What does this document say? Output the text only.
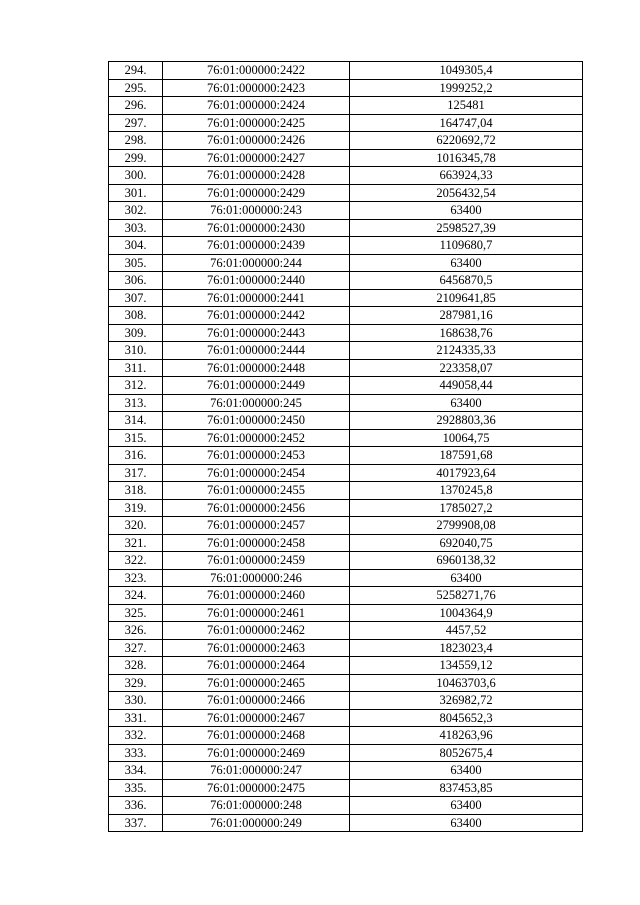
294.	76:01:000000:2422	1049305,4
295.	76:01:000000:2423	1999252,2
296.	76:01:000000:2424	125481
297.	76:01:000000:2425	164747,04
298.	76:01:000000:2426	6220692,72
299.	76:01:000000:2427	1016345,78
300.	76:01:000000:2428	663924,33
301.	76:01:000000:2429	2056432,54
302.	76:01:000000:243	63400
303.	76:01:000000:2430	2598527,39
304.	76:01:000000:2439	1109680,7
305.	76:01:000000:244	63400
306.	76:01:000000:2440	6456870,5
307.	76:01:000000:2441	2109641,85
308.	76:01:000000:2442	287981,16
309.	76:01:000000:2443	168638,76
310.	76:01:000000:2444	2124335,33
311.	76:01:000000:2448	223358,07
312.	76:01:000000:2449	449058,44
313.	76:01:000000:245	63400
314.	76:01:000000:2450	2928803,36
315.	76:01:000000:2452	10064,75
316.	76:01:000000:2453	187591,68
317.	76:01:000000:2454	4017923,64
318.	76:01:000000:2455	1370245,8
319.	76:01:000000:2456	1785027,2
320.	76:01:000000:2457	2799908,08
321.	76:01:000000:2458	692040,75
322.	76:01:000000:2459	6960138,32
323.	76:01:000000:246	63400
324.	76:01:000000:2460	5258271,76
325.	76:01:000000:2461	1004364,9
326.	76:01:000000:2462	4457,52
327.	76:01:000000:2463	1823023,4
328.	76:01:000000:2464	134559,12
329.	76:01:000000:2465	10463703,6
330.	76:01:000000:2466	326982,72
331.	76:01:000000:2467	8045652,3
332.	76:01:000000:2468	418263,96
333.	76:01:000000:2469	8052675,4
334.	76:01:000000:247	63400
335.	76:01:000000:2475	837453,85
336.	76:01:000000:248	63400
337.	76:01:000000:249	63400
